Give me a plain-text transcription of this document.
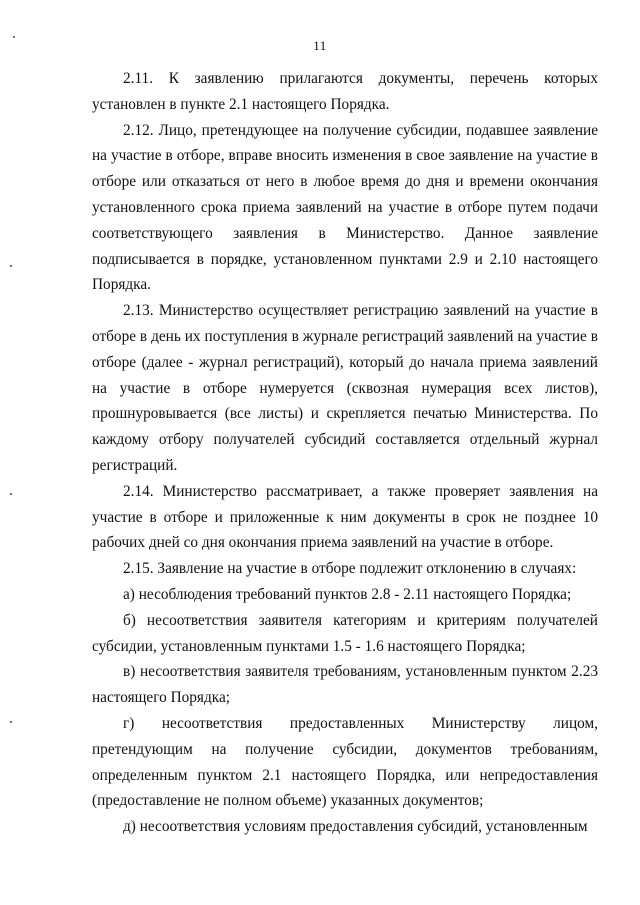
11

2.11. К заявлению прилагаются документы, перечень которых установлен в пункте 2.1 настоящего Порядка.

2.12. Лицо, претендующее на получение субсидии, подавшее заявление на участие в отборе, вправе вносить изменения в свое заявление на участие в отборе или отказаться от него в любое время до дня и времени окончания установленного срока приема заявлений на участие в отборе путем подачи соответствующего заявления в Министерство. Данное заявление подписывается в порядке, установленном пунктами 2.9 и 2.10 настоящего Порядка.

2.13. Министерство осуществляет регистрацию заявлений на участие в отборе в день их поступления в журнале регистраций заявлений на участие в отборе (далее - журнал регистраций), который до начала приема заявлений на участие в отборе нумеруется (сквозная нумерация всех листов), прошнуровывается (все листы) и скрепляется печатью Министерства. По каждому отбору получателей субсидий составляется отдельный журнал регистраций.

2.14. Министерство рассматривает, а также проверяет заявления на участие в отборе и приложенные к ним документы в срок не позднее 10 рабочих дней со дня окончания приема заявлений на участие в отборе.

2.15. Заявление на участие в отборе подлежит отклонению в случаях:

а) несоблюдения требований пунктов 2.8 - 2.11 настоящего Порядка;

б) несоответствия заявителя категориям и критериям получателей субсидии, установленным пунктами 1.5 - 1.6 настоящего Порядка;

в) несоответствия заявителя требованиям, установленным пунктом 2.23 настоящего Порядка;

г) несоответствия предоставленных Министерству лицом, претендующим на получение субсидии, документов требованиям, определенным пунктом 2.1 настоящего Порядка, или непредоставления (предоставление не полном объеме) указанных документов;

д) несоответствия условиям предоставления субсидий, установленным
